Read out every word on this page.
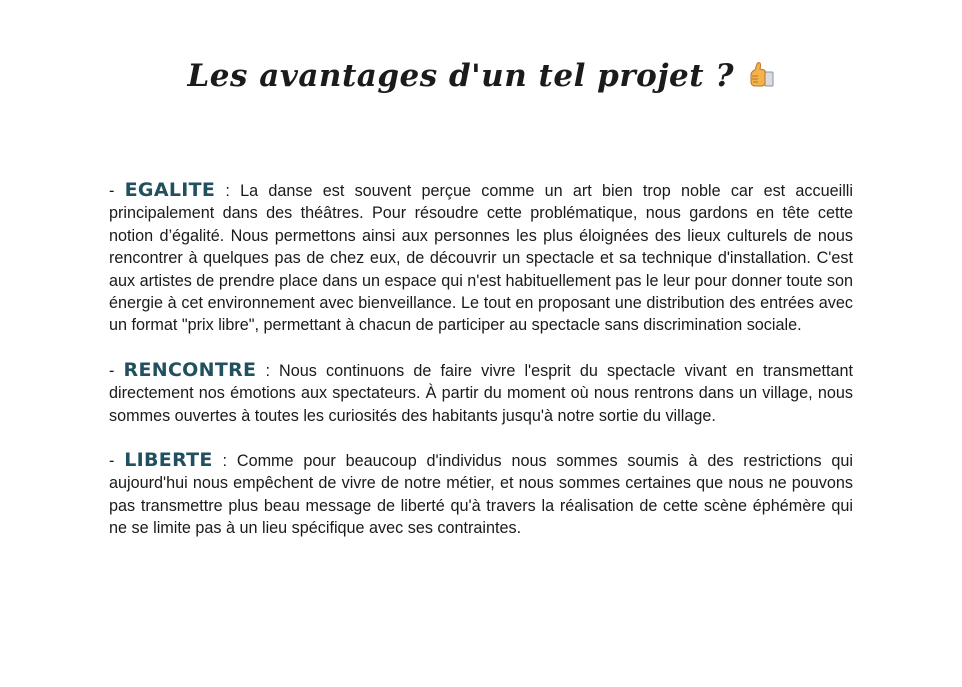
Les avantages d'un tel projet ?

- EGALITE : La danse est souvent perçue comme un art bien trop noble car est accueilli principalement dans des théâtres. Pour résoudre cette problématique, nous gardons en tête cette notion d’égalité. Nous permettons ainsi aux personnes les plus éloignées des lieux culturels de nous rencontrer à quelques pas de chez eux, de découvrir un spectacle et sa technique d'installation. C'est aux artistes de prendre place dans un espace qui n'est habituellement pas le leur pour donner toute son énergie à cet environnement avec bienveillance. Le tout en proposant une distribution des entrées avec un format "prix libre", permettant à chacun de participer au spectacle sans discrimination sociale.

- RENCONTRE : Nous continuons de faire vivre l'esprit du spectacle vivant en transmettant directement nos émotions aux spectateurs. À partir du moment où nous rentrons dans un village, nous sommes ouvertes à toutes les curiosités des habitants jusqu'à notre sortie du village.

- LIBERTE : Comme pour beaucoup d'individus nous sommes soumis à des restrictions qui aujourd'hui nous empêchent de vivre de notre métier, et nous sommes certaines que nous ne pouvons pas transmettre plus beau message de liberté qu'à travers la réalisation de cette scène éphémère qui ne se limite pas à un lieu spécifique avec ses contraintes.
